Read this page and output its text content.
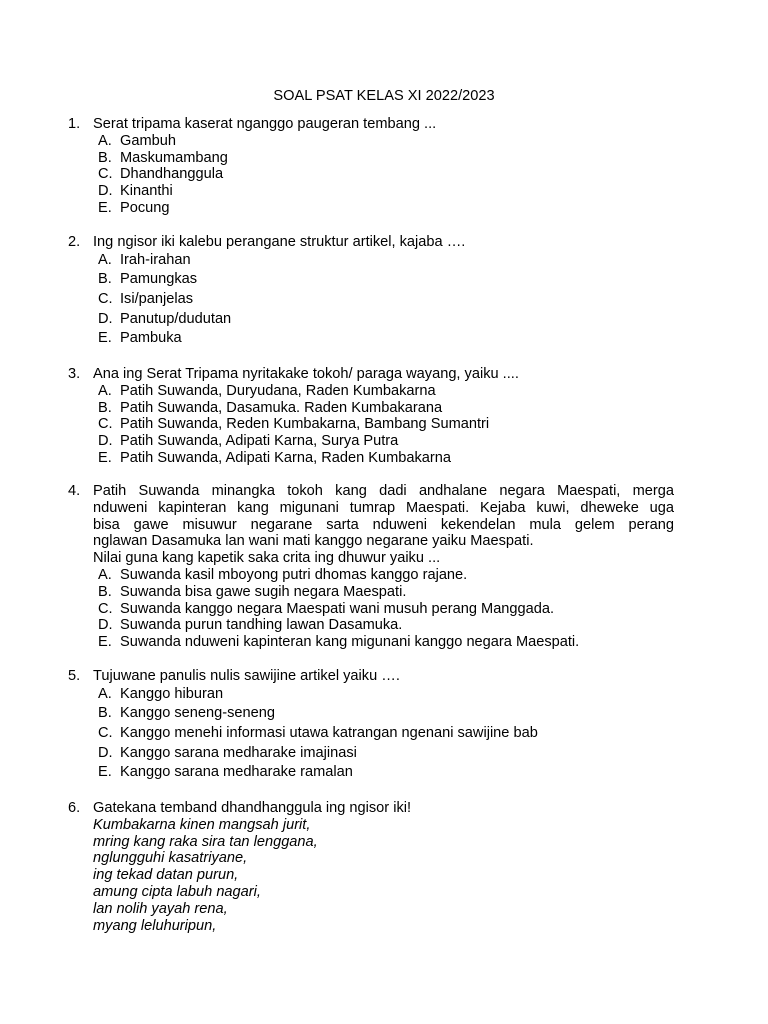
SOAL PSAT KELAS XI 2022/2023
1. Serat tripama kaserat nganggo paugeran tembang ...
A. Gambuh
B. Maskumambang
C. Dhandhanggula
D. Kinanthi
E. Pocung
2. Ing ngisor iki kalebu perangane struktur artikel, kajaba ….
A. Irah-irahan
B. Pamungkas
C. Isi/panjelas
D. Panutup/dudutan
E. Pambuka
3. Ana ing Serat Tripama nyritakake tokoh/ paraga wayang, yaiku ....
A. Patih Suwanda, Duryudana, Raden Kumbakarna
B. Patih Suwanda, Dasamuka. Raden Kumbakarana
C. Patih Suwanda, Reden Kumbakarna, Bambang Sumantri
D. Patih Suwanda, Adipati Karna, Surya Putra
E. Patih Suwanda, Adipati Karna, Raden Kumbakarna
4. Patih Suwanda minangka tokoh kang dadi andhalane negara Maespati, merga
nduweni kapinteran kang migunani tumrap Maespati. Kejaba kuwi, dheweke uga
bisa gawe misuwur negarane sarta nduweni kekendelan mula gelem perang
nglawan Dasamuka lan wani mati kanggo negarane yaiku Maespati.
Nilai guna kang kapetik saka crita ing dhuwur yaiku ...
A. Suwanda kasil mboyong putri dhomas kanggo rajane.
B. Suwanda bisa gawe sugih negara Maespati.
C. Suwanda kanggo negara Maespati wani musuh perang Manggada.
D. Suwanda purun tandhing lawan Dasamuka.
E. Suwanda nduweni kapinteran kang migunani kanggo negara Maespati.
5. Tujuwane panulis nulis sawijine artikel yaiku ….
A. Kanggo hiburan
B. Kanggo seneng-seneng
C. Kanggo menehi informasi utawa katrangan ngenani sawijine bab
D. Kanggo sarana medharake imajinasi
E. Kanggo sarana medharake ramalan
6. Gatekana temband dhandhanggula ing ngisor iki!
Kumbakarna kinen mangsah jurit,
mring kang raka sira tan lenggana,
nglungguhi kasatriyane,
ing tekad datan purun,
amung cipta labuh nagari,
lan nolih yayah rena,
myang leluhuripun,
